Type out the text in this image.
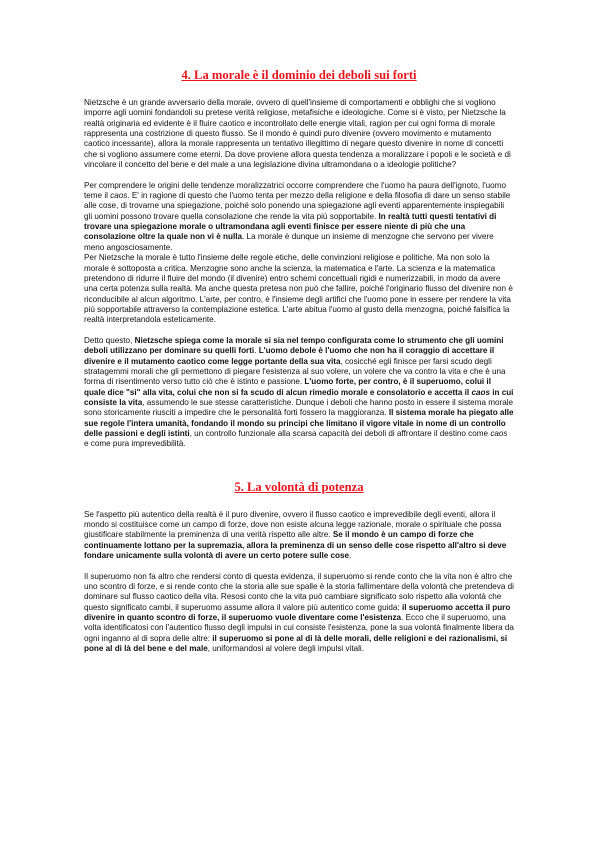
4. La morale è il dominio dei deboli sui forti

Nietzsche è un grande avversario della morale, ovvero di quell'insieme di comportamenti e obblighi che si vogliono imporre agli uomini fondandoli su pretese verità religiose, metafisiche e ideologiche. Come si è visto, per Nietzsche la realtà originaria ed evidente è il fluire caotico e incontrollato delle energie vitali, ragion per cui ogni forma di morale rappresenta una costrizione di questo flusso. Se il mondo è quindi puro divenire (ovvero movimento e mutamento caotico incessante), allora la morale rappresenta un tentativo illegittimo di negare questo divenire in nome di concetti che si vogliono assumere come eterni. Da dove proviene allora questa tendenza a moralizzare i popoli e le società e di vincolare il concetto del bene e del male a una legislazione divina ultramondana o a ideologie politiche?

Per comprendere le origini delle tendenze moralizzatrici occorre comprendere che l'uomo ha paura dell'ignoto, l'uomo teme il caos. E' in ragione di questo che l'uomo tenta per mezzo della religione e della filosofia di dare un senso stabile alle cose, di trovarne una spiegazione, poiché solo ponendo una spiegazione agli eventi apparentemente inspiegabili gli uomini possono trovare quella consolazione che rende la vita più sopportabile. In realtà tutti questi tentativi di trovare una spiegazione morale o ultramondana agli eventi finisce per essere niente di più che una consolazione oltre la quale non vi è nulla. La morale è dunque un insieme di menzogne che servono per vivere meno angosciosamente.
Per Nietzsche la morale è tutto l'insieme delle regole etiche, delle convinzioni religiose e politiche. Ma non solo la morale è sottoposta a critica. Menzogne sono anche la scienza, la matematica e l'arte. La scienza e la matematica pretendono di ridurre il fluire del mondo (il divenire) entro schemi concettuali rigidi e numerizzabili, in modo da avere una certa potenza sulla realtà. Ma anche questa pretesa non può che fallire, poiché l'originario flusso del divenire non è riconducibile al alcun algoritmo. L'arte, per contro, è l'insieme degli artifici che l'uomo pone in essere per rendere la vita più sopportabile attraverso la contemplazione estetica. L'arte abitua l'uomo al gusto della menzogna, poiché falsifica la realtà interpretandola esteticamente.

Detto questo, Nietzsche spiega come la morale si sia nel tempo configurata come lo strumento che gli uomini deboli utilizzano per dominare su quelli forti. L'uomo debole è l'uomo che non ha il coraggio di accettare il divenire e il mutamento caotico come legge portante della sua vita, cosicché egli finisce per farsi scudo degli stratagemmi morali che gli permettono di piegare l'esistenza al suo volere, un volere che va contro la vita e che è una forma di risentimento verso tutto ciò che è istinto e passione. L'uomo forte, per contro, è il superuomo, colui il quale dice "si" alla vita, colui che non si fa scudo di alcun rimedio morale e consolatorio e accetta il caos in cui consiste la vita, assumendo le sue stesse caratteristiche. Dunque i deboli che hanno posto in essere il sistema morale sono storicamente riusciti a impedire che le personalità forti fossero la maggioranza. Il sistema morale ha piegato alle sue regole l'intera umanità, fondando il mondo su principi che limitano il vigore vitale in nome di un controllo delle passioni e degli istinti, un controllo funzionale alla scarsa capacità dei deboli di affrontare il destino come caos e come pura imprevedibilità.

5. La volontà di potenza

Se l'aspetto più autentico della realtà è il puro divenire, ovvero il flusso caotico e imprevedibile degli eventi, allora il mondo si costituisce come un campo di forze, dove non esiste alcuna legge razionale, morale o spirituale che possa giustificare stabilmente la preminenza di una verità rispetto alle altre. Se il mondo è un campo di forze che continuamente lottano per la supremazia, allora la preminenza di un senso delle cose rispetto all'altro si deve fondare unicamente sulla volontà di avere un certo potere sulle cose.

Il superuomo non fa altro che rendersi conto di questa evidenza, il superuomo si rende conto che la vita non è altro che uno scontro di forze, e si rende conto che la storia alle sue spalle è la storia fallimentare della volontà che pretendeva di dominare sul flusso caotico della vita. Resosi conto che la vita può cambiare significato solo rispetto alla volontà che questo significato cambi, il superuomo assume allora il valore più autentico come guida: il superuomo accetta il puro divenire in quanto scontro di forze, il superuomo vuole diventare come l'esistenza. Ecco che il superuomo, una volta identificatosi con l'autentico flusso degli impulsi in cui consiste l'esistenza, pone la sua volontà finalmente libera da ogni inganno al di sopra delle altre: il superuomo si pone al di là delle morali, delle religioni e dei razionalismi, si pone al di là del bene e del male, uniformandosi al volere degli impulsi vitali.
